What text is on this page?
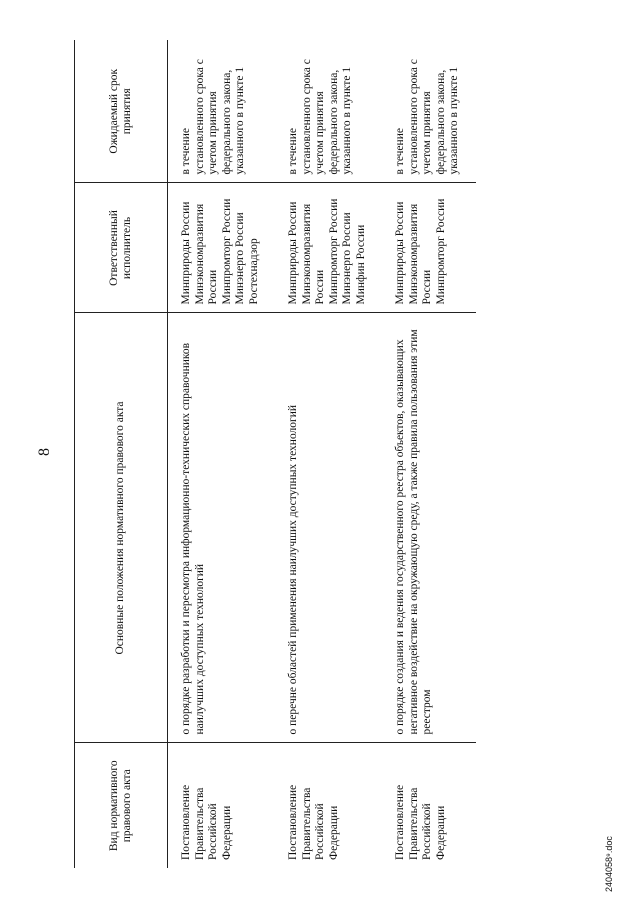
8
Вид нормативного правового акта	Основные положения нормативного правового акта	Ответственный исполнитель	Ожидаемый срок принятия
Постановление Правительства Российской Федерации	о порядке разработки и пересмотра информационно-технических справочников наилучших доступных технологий	Минприроды России Минэкономразвития России Минпромторг России Минэнерго России Ростехнадзор	в течение установленного срока с учетом принятия федерального закона, указанного в пункте 1
Постановление Правительства Российской Федерации	о перечне областей применения наилучших доступных технологий	Минприроды России Минэкономразвития России Минпромторг России Минэнерго России Минфин России	в течение установленного срока с учетом принятия федерального закона, указанного в пункте 1
Постановление Правительства Российской Федерации	о порядке создания и ведения государственного реестра объектов, оказывающих негативное воздействие на окружающую среду, а также правила пользования этим реестром	Минприроды России Минэкономразвития России Минпромторг России	в течение установленного срока с учетом принятия федерального закона, указанного в пункте 1
2404058⁹.doc
